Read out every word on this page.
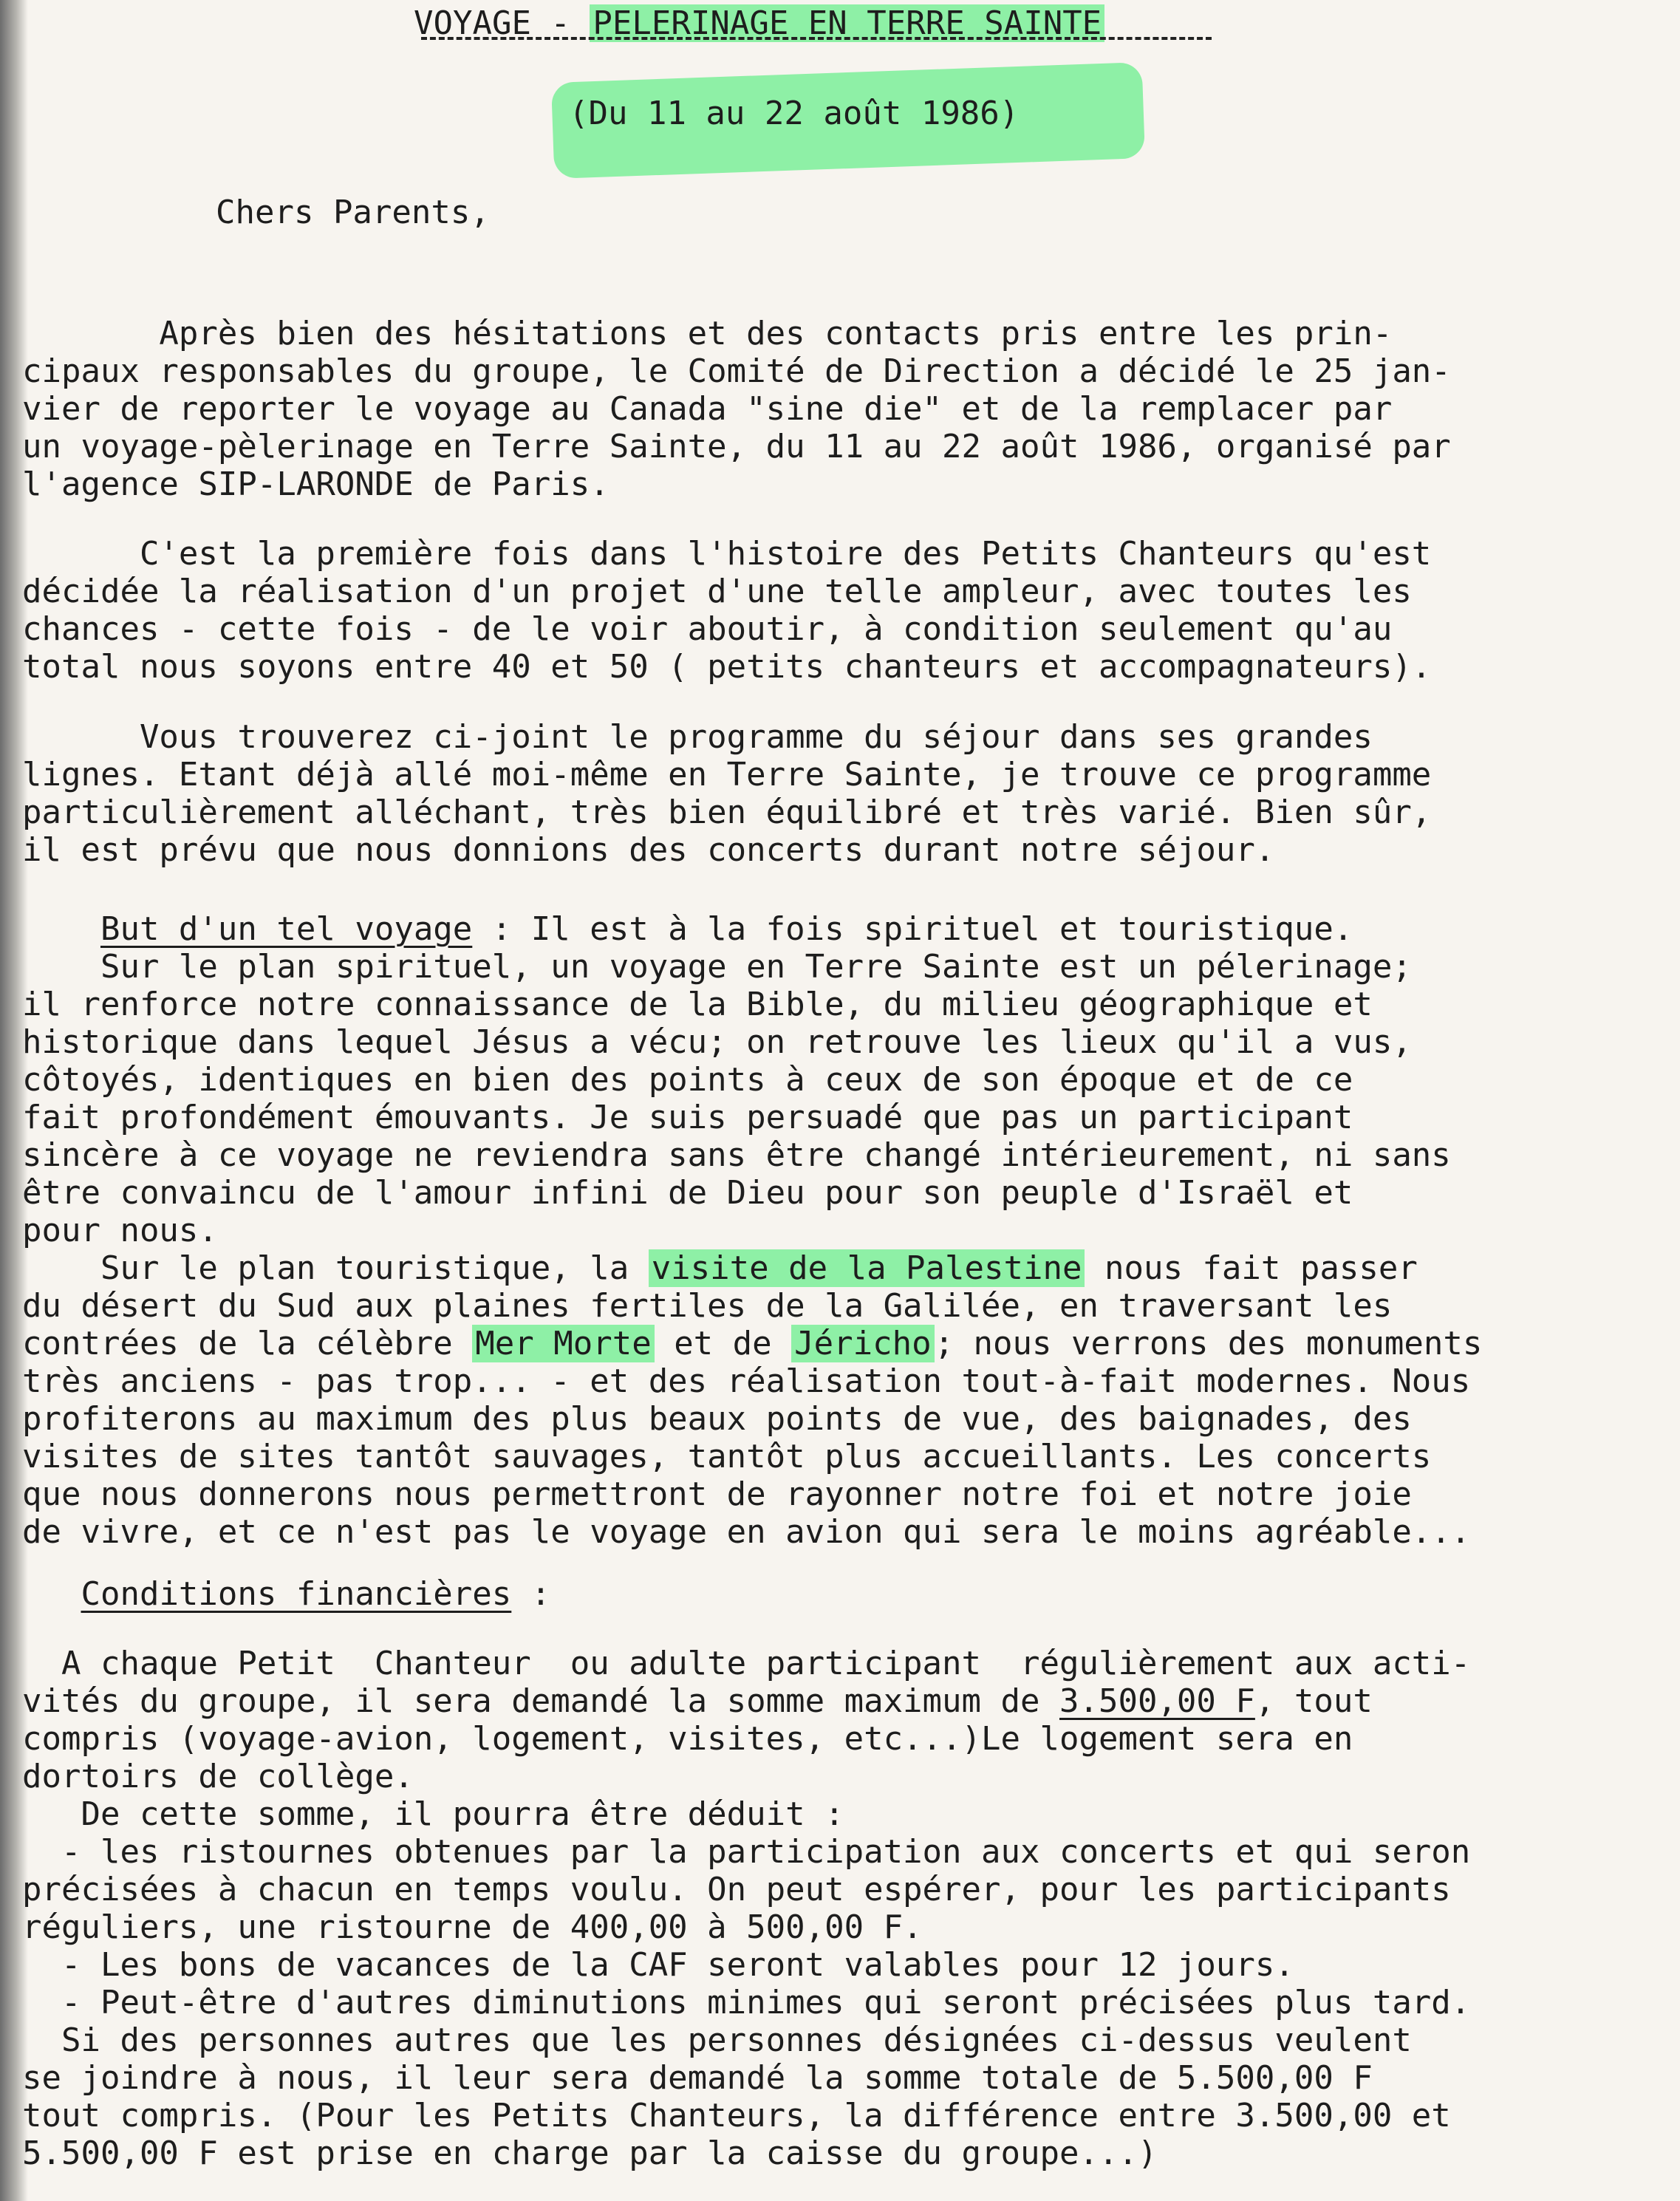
VOYAGE - PELERINAGE EN TERRE SAINTE
(Du 11 au 22 août 1986)
Chers Parents,

Après bien des hésitations et des contacts pris entre les prin-

cipaux responsables du groupe, le Comité de Direction a décidé le 25 jan-

vier de reporter le voyage au Canada "sine die" et de la remplacer par

un voyage-pèlerinage en Terre Sainte, du 11 au 22 août 1986, organisé par

l'agence SIP-LARONDE de Paris.

C'est la première fois dans l'histoire des Petits Chanteurs qu'est

décidée la réalisation d'un projet d'une telle ampleur, avec toutes les

chances - cette fois - de le voir aboutir, à condition seulement qu'au

total nous soyons entre 40 et 50 ( petits chanteurs et accompagnateurs).

Vous trouverez ci-joint le programme du séjour dans ses grandes

lignes. Etant déjà allé moi-même en Terre Sainte, je trouve ce programme

particulièrement alléchant, très bien équilibré et très varié. Bien sûr,

il est prévu que nous donnions des concerts durant notre séjour.

But d'un tel voyage : Il est à la fois spirituel et touristique.

Sur le plan spirituel, un voyage en Terre Sainte est un pélerinage;

il renforce notre connaissance de la Bible, du milieu géographique et

historique dans lequel Jésus a vécu; on retrouve les lieux qu'il a vus,

côtoyés, identiques en bien des points à ceux de son époque et de ce

fait profondément émouvants. Je suis persuadé que pas un participant

sincère à ce voyage ne reviendra sans être changé intérieurement, ni sans

être convaincu de l'amour infini de Dieu pour son peuple d'Israël et

pour nous.

Sur le plan touristique, la visite de la Palestine nous fait passer

du désert du Sud aux plaines fertiles de la Galilée, en traversant les

contrées de la célèbre Mer Morte et de Jéricho; nous verrons des monuments

très anciens - pas trop... - et des réalisation tout-à-fait modernes. Nous

profiterons au maximum des plus beaux points de vue, des baignades, des

visites de sites tantôt sauvages, tantôt plus accueillants. Les concerts

que nous donnerons nous permettront de rayonner notre foi et notre joie

de vivre, et ce n'est pas le voyage en avion qui sera le moins agréable...

Conditions financières :

A chaque Petit  Chanteur  ou adulte participant  régulièrement aux acti-

vités du groupe, il sera demandé la somme maximum de 3.500,00 F, tout

compris (voyage-avion, logement, visites, etc...)Le logement sera en

dortoirs de collège.

De cette somme, il pourra être déduit :

- les ristournes obtenues par la participation aux concerts et qui seron

précisées à chacun en temps voulu. On peut espérer, pour les participants

réguliers, une ristourne de 400,00 à 500,00 F.

- Les bons de vacances de la CAF seront valables pour 12 jours.

- Peut-être d'autres diminutions minimes qui seront précisées plus tard.

Si des personnes autres que les personnes désignées ci-dessus veulent

se joindre à nous, il leur sera demandé la somme totale de 5.500,00 F

tout compris. (Pour les Petits Chanteurs, la différence entre 3.500,00 et

5.500,00 F est prise en charge par la caisse du groupe...)
